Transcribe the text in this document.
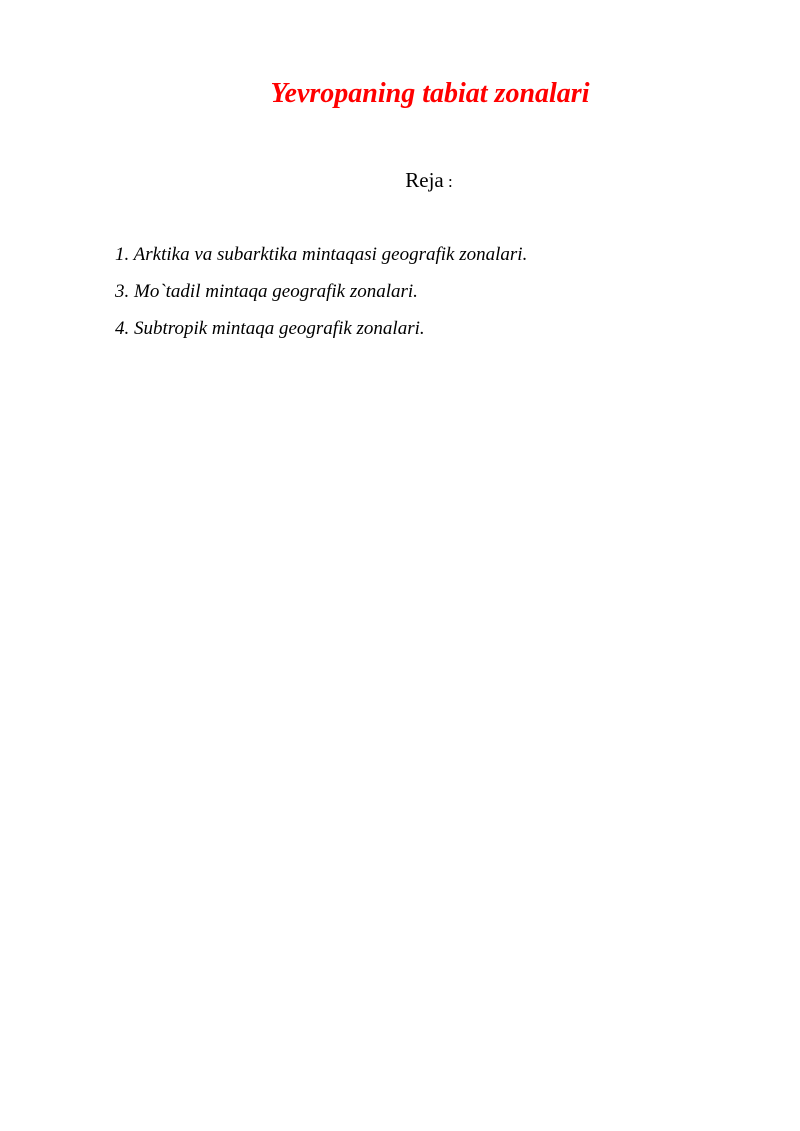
Yevropaning tabiat zonalari
Reja :
1. Arktika va subarktika mintaqasi geografik zonalari.
3. Mo`tadil mintaqa geografik zonalari.
4. Subtropik mintaqa geografik zonalari.
